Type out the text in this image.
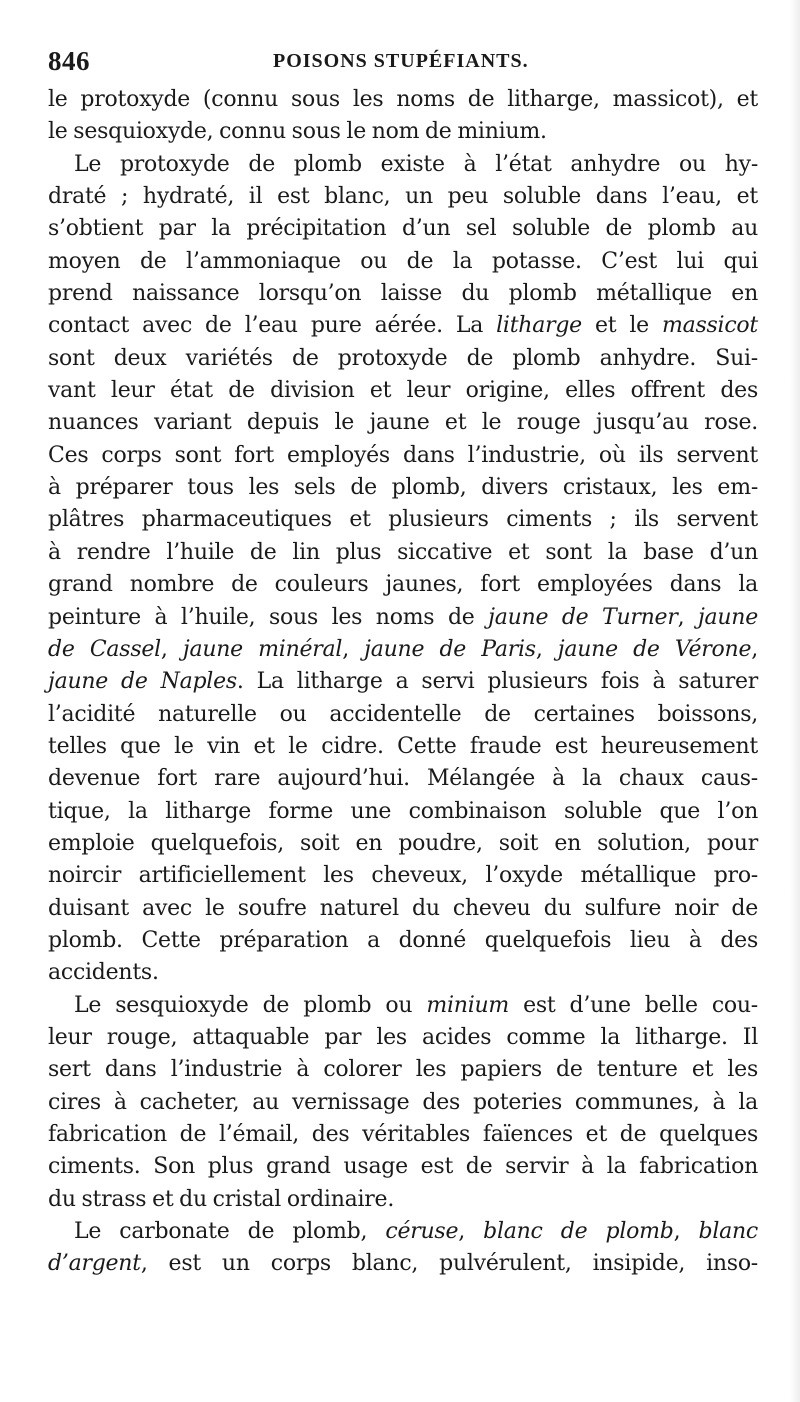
846	POISONS STUPÉFIANTS.
le protoxyde (connu sous les noms de litharge, massicot), et
le sesquioxyde, connu sous le nom de minium.
Le protoxyde de plomb existe à l’état anhydre ou hy-
draté ; hydraté, il est blanc, un peu soluble dans l’eau, et
s’obtient par la précipitation d’un sel soluble de plomb au
moyen de l’ammoniaque ou de la potasse. C’est lui qui
prend naissance lorsqu’on laisse du plomb métallique en
contact avec de l’eau pure aérée. La litharge et le massicot
sont deux variétés de protoxyde de plomb anhydre. Sui-
vant leur état de division et leur origine, elles offrent des
nuances variant depuis le jaune et le rouge jusqu’au rose.
Ces corps sont fort employés dans l’industrie, où ils servent
à préparer tous les sels de plomb, divers cristaux, les em-
plâtres pharmaceutiques et plusieurs ciments ; ils servent
à rendre l’huile de lin plus siccative et sont la base d’un
grand nombre de couleurs jaunes, fort employées dans la
peinture à l’huile, sous les noms de jaune de Turner, jaune
de Cassel, jaune minéral, jaune de Paris, jaune de Vérone,
jaune de Naples. La litharge a servi plusieurs fois à saturer
l’acidité naturelle ou accidentelle de certaines boissons,
telles que le vin et le cidre. Cette fraude est heureusement
devenue fort rare aujourd’hui. Mélangée à la chaux caus-
tique, la litharge forme une combinaison soluble que l’on
emploie quelquefois, soit en poudre, soit en solution, pour
noircir artificiellement les cheveux, l’oxyde métallique pro-
duisant avec le soufre naturel du cheveu du sulfure noir de
plomb. Cette préparation a donné quelquefois lieu à des
accidents.
Le sesquioxyde de plomb ou minium est d’une belle cou-
leur rouge, attaquable par les acides comme la litharge. Il
sert dans l’industrie à colorer les papiers de tenture et les
cires à cacheter, au vernissage des poteries communes, à la
fabrication de l’émail, des véritables faïences et de quelques
ciments. Son plus grand usage est de servir à la fabrication
du strass et du cristal ordinaire.
Le carbonate de plomb, céruse, blanc de plomb, blanc
d’argent, est un corps blanc, pulvérulent, insipide, inso-
